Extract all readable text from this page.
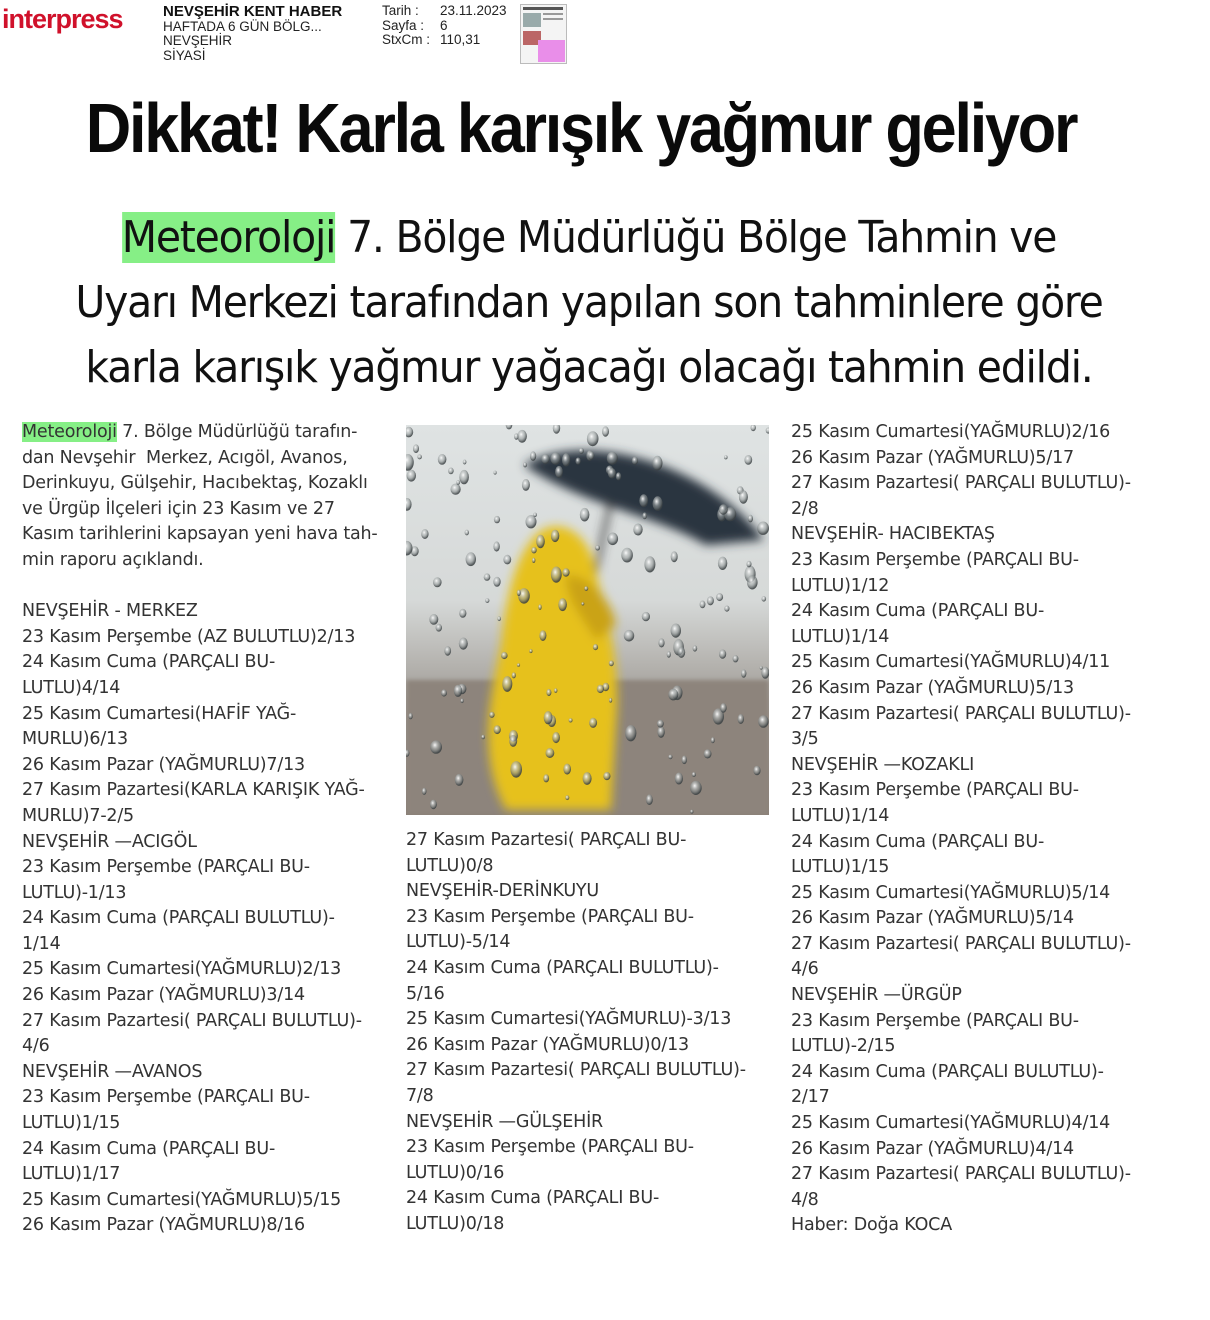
interpress	NEVŞEHİR KENT HABER
HAFTADA 6 GÜN BÖLG...
NEVŞEHİR
SİYASİ
Tarih : 23.11.2023
Sayfa : 6
StxCm : 110,31
Dikkat! Karla karışık yağmur geliyor
Meteoroloji 7. Bölge Müdürlüğü Bölge Tahmin ve
Uyarı Merkezi tarafından yapılan son tahminlere göre
karla karışık yağmur yağacağı olacağı tahmin edildi.
Meteoroloji 7. Bölge Müdürlüğü tarafın-
dan Nevşehir  Merkez, Acıgöl, Avanos,
Derinkuyu, Gülşehir, Hacıbektaş, Kozaklı
ve Ürgüp İlçeleri için 23 Kasım ve 27
Kasım tarihlerini kapsayan yeni hava tah-
min raporu açıklandı.
NEVŞEHİR - MERKEZ
23 Kasım Perşembe (AZ BULUTLU)2/13
24 Kasım Cuma (PARÇALI BU-
LUTLU)4/14
25 Kasım Cumartesi(HAFİF YAĞ-
MURLU)6/13
26 Kasım Pazar (YAĞMURLU)7/13
27 Kasım Pazartesi(KARLA KARIŞIK YAĞ-
MURLU)7-2/5
NEVŞEHİR —ACIGÖL
23 Kasım Perşembe (PARÇALI BU-
LUTLU)-1/13
24 Kasım Cuma (PARÇALI BULUTLU)-
1/14
25 Kasım Cumartesi(YAĞMURLU)2/13
26 Kasım Pazar (YAĞMURLU)3/14
27 Kasım Pazartesi( PARÇALI BULUTLU)-
4/6
NEVŞEHİR —AVANOS
23 Kasım Perşembe (PARÇALI BU-
LUTLU)1/15
24 Kasım Cuma (PARÇALI BU-
LUTLU)1/17
25 Kasım Cumartesi(YAĞMURLU)5/15
26 Kasım Pazar (YAĞMURLU)8/16
27 Kasım Pazartesi( PARÇALI BU-
LUTLU)0/8
NEVŞEHİR-DERİNKUYU
23 Kasım Perşembe (PARÇALI BU-
LUTLU)-5/14
24 Kasım Cuma (PARÇALI BULUTLU)-
5/16
25 Kasım Cumartesi(YAĞMURLU)-3/13
26 Kasım Pazar (YAĞMURLU)0/13
27 Kasım Pazartesi( PARÇALI BULUTLU)-
7/8
NEVŞEHİR —GÜLŞEHİR
23 Kasım Perşembe (PARÇALI BU-
LUTLU)0/16
24 Kasım Cuma (PARÇALI BU-
LUTLU)0/18
25 Kasım Cumartesi(YAĞMURLU)2/16
26 Kasım Pazar (YAĞMURLU)5/17
27 Kasım Pazartesi( PARÇALI BULUTLU)-
2/8
NEVŞEHİR- HACIBEKTAŞ
23 Kasım Perşembe (PARÇALI BU-
LUTLU)1/12
24 Kasım Cuma (PARÇALI BU-
LUTLU)1/14
25 Kasım Cumartesi(YAĞMURLU)4/11
26 Kasım Pazar (YAĞMURLU)5/13
27 Kasım Pazartesi( PARÇALI BULUTLU)-
3/5
NEVŞEHİR —KOZAKLI
23 Kasım Perşembe (PARÇALI BU-
LUTLU)1/14
24 Kasım Cuma (PARÇALI BU-
LUTLU)1/15
25 Kasım Cumartesi(YAĞMURLU)5/14
26 Kasım Pazar (YAĞMURLU)5/14
27 Kasım Pazartesi( PARÇALI BULUTLU)-
4/6
NEVŞEHİR —ÜRGÜP
23 Kasım Perşembe (PARÇALI BU-
LUTLU)-2/15
24 Kasım Cuma (PARÇALI BULUTLU)-
2/17
25 Kasım Cumartesi(YAĞMURLU)4/14
26 Kasım Pazar (YAĞMURLU)4/14
27 Kasım Pazartesi( PARÇALI BULUTLU)-
4/8
Haber: Doğa KOCA
